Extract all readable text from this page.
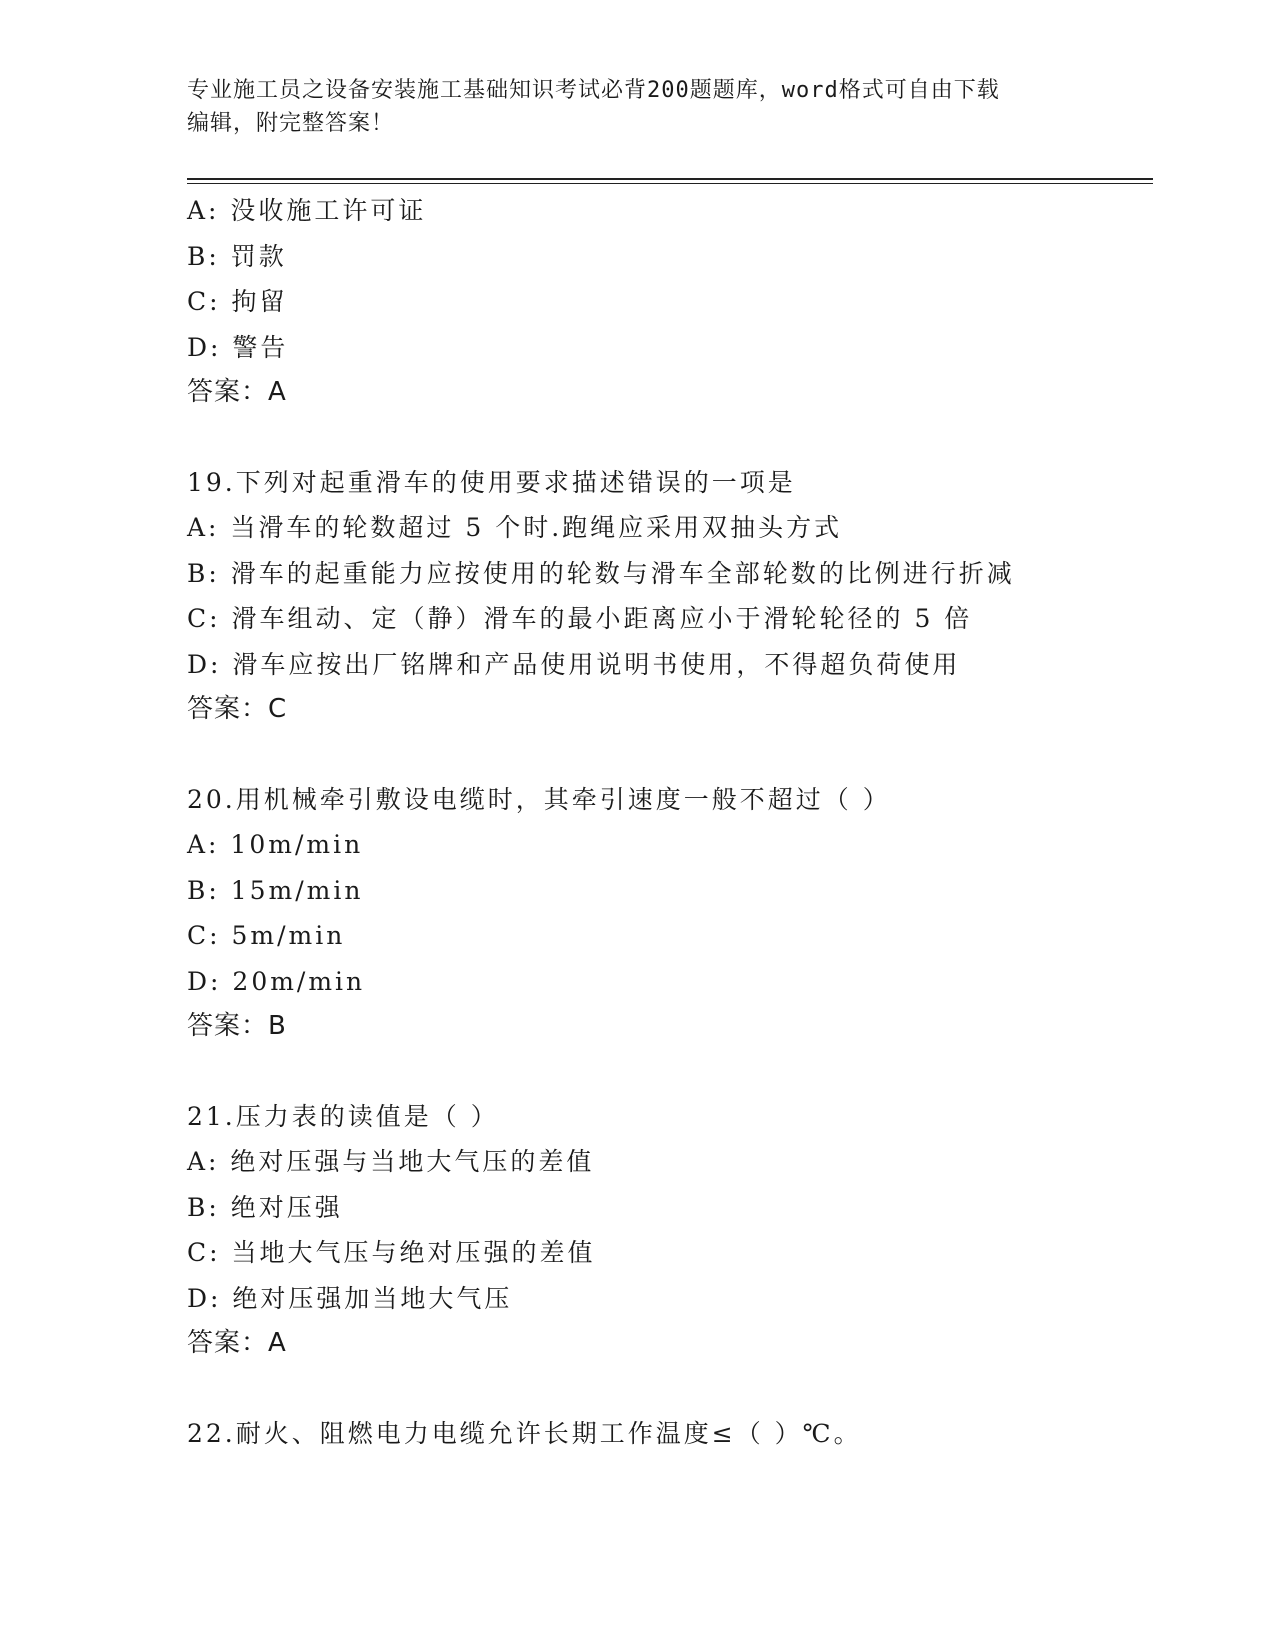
专业施工员之设备安装施工基础知识考试必背200题题库，word格式可自由下载
编辑，附完整答案！
A: 没收施工许可证
B: 罚款
C: 拘留
D: 警告
答案：A
19.下列对起重滑车的使用要求描述错误的一项是
A: 当滑车的轮数超过 5 个时.跑绳应采用双抽头方式
B: 滑车的起重能力应按使用的轮数与滑车全部轮数的比例进行折减
C: 滑车组动、定（静）滑车的最小距离应小于滑轮轮径的 5 倍
D: 滑车应按出厂铭牌和产品使用说明书使用，不得超负荷使用
答案：C
20.用机械牵引敷设电缆时，其牵引速度一般不超过（ ）
A: 10m/min
B: 15m/min
C: 5m/min
D: 20m/min
答案：B
21.压力表的读值是（ ）
A: 绝对压强与当地大气压的差值
B: 绝对压强
C: 当地大气压与绝对压强的差值
D: 绝对压强加当地大气压
答案：A
22.耐火、阻燃电力电缆允许长期工作温度≤（ ）℃。
